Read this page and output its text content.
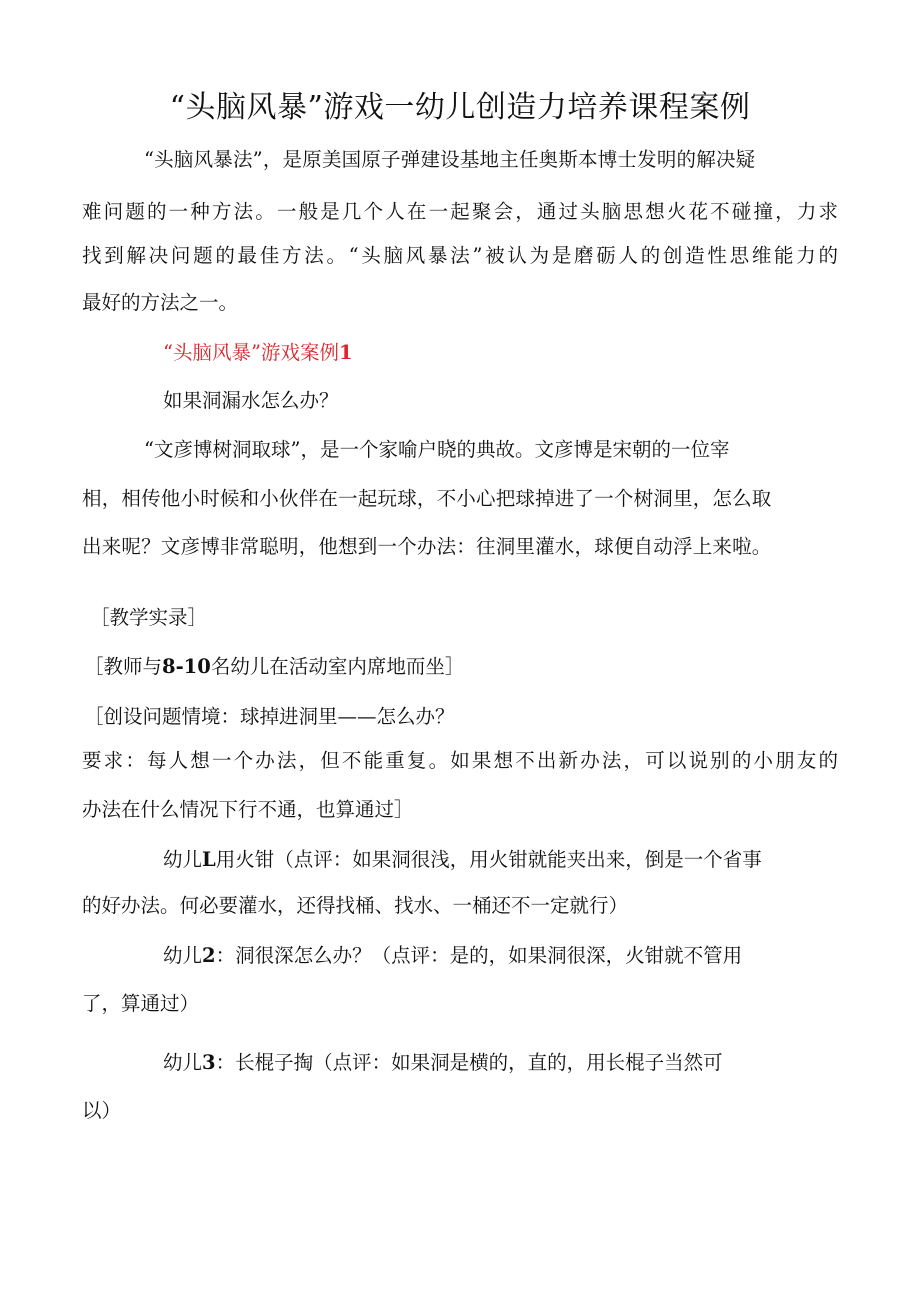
“头脑风暴”游戏一幼儿创造力培养课程案例
“头脑风暴法”，是原美国原子弹建设基地主任奥斯本博士发明的解决疑
难问题的一种方法。一般是几个人在一起聚会，通过头脑思想火花不碰撞，力求
找到解决问题的最佳方法。“头脑风暴法”被认为是磨砺人的创造性思维能力的
最好的方法之一。
“头脑风暴”游戏案例1
如果洞漏水怎么办？
“文彦博树洞取球”，是一个家喻户晓的典故。文彦博是宋朝的一位宰
相，相传他小时候和小伙伴在一起玩球，不小心把球掉进了一个树洞里，怎么取
出来呢？文彦博非常聪明，他想到一个办法：往洞里灌水，球便自动浮上来啦。
［教学实录］
［教师与8-10名幼儿在活动室内席地而坐］
［创设问题情境：球掉进洞里——怎么办？
要求：每人想一个办法，但不能重复。如果想不出新办法，可以说别的小朋友的
办法在什么情况下行不通，也算通过］
幼儿L用火钳（点评：如果洞很浅，用火钳就能夹出来，倒是一个省事
的好办法。何必要灌水，还得找桶、找水、一桶还不一定就行）
幼儿2：洞很深怎么办？（点评：是的，如果洞很深，火钳就不管用
了，算通过）
幼儿3：长棍子掏（点评：如果洞是横的，直的，用长棍子当然可
以）
